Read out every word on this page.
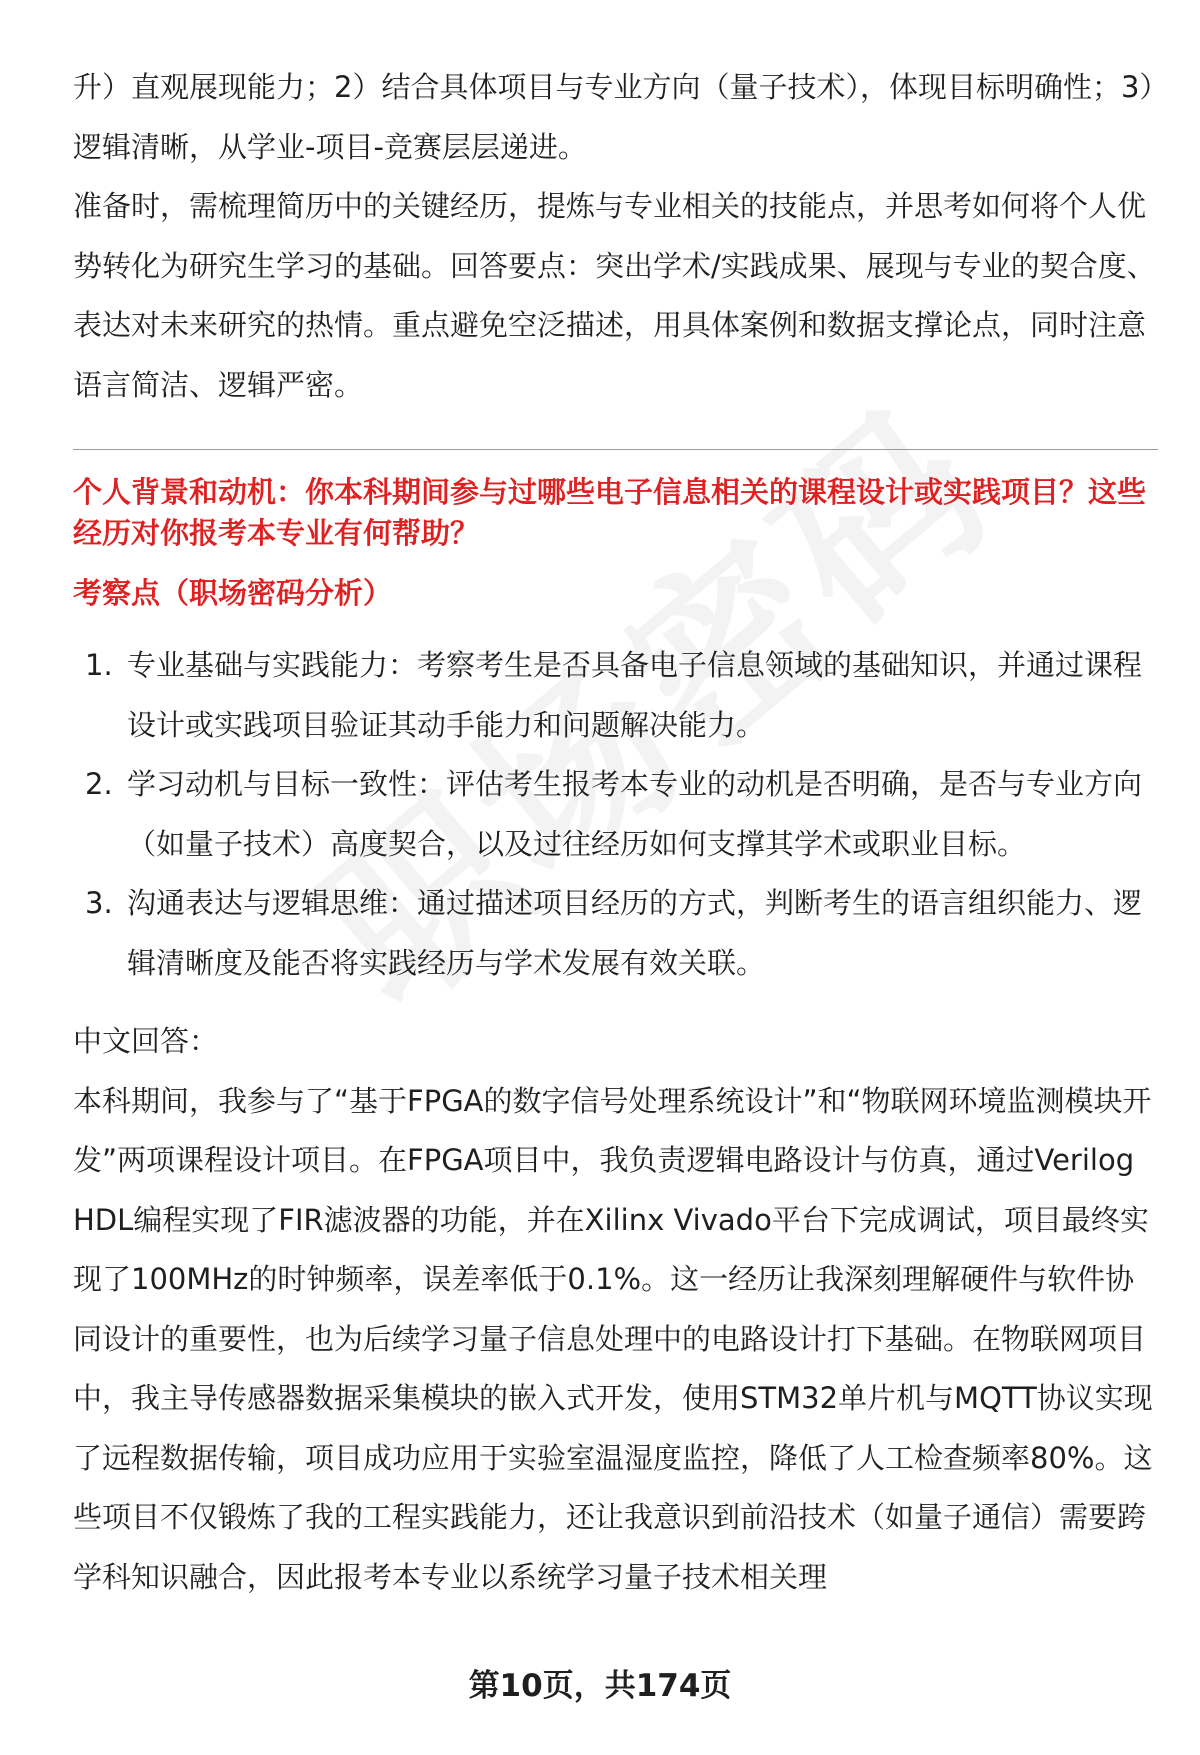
升）直观展现能力；2）结合具体项目与专业方向（量子技术），体现目标明确性；3）逻辑清晰，从学业-项目-竞赛层层递进。

准备时，需梳理简历中的关键经历，提炼与专业相关的技能点，并思考如何将个人优势转化为研究生学习的基础。回答要点：突出学术/实践成果、展现与专业的契合度、表达对未来研究的热情。重点避免空泛描述，用具体案例和数据支撑论点，同时注意语言简洁、逻辑严密。

个人背景和动机：你本科期间参与过哪些电子信息相关的课程设计或实践项目？这些经历对你报考本专业有何帮助？

考察点（职场密码分析）

1. 专业基础与实践能力：考察考生是否具备电子信息领域的基础知识，并通过课程设计或实践项目验证其动手能力和问题解决能力。
2. 学习动机与目标一致性：评估考生报考本专业的动机是否明确，是否与专业方向（如量子技术）高度契合，以及过往经历如何支撑其学术或职业目标。
3. 沟通表达与逻辑思维：通过描述项目经历的方式，判断考生的语言组织能力、逻辑清晰度及能否将实践经历与学术发展有效关联。

中文回答：

本科期间，我参与了“基于FPGA的数字信号处理系统设计”和“物联网环境监测模块开发”两项课程设计项目。在FPGA项目中，我负责逻辑电路设计与仿真，通过Verilog HDL编程实现了FIR滤波器的功能，并在Xilinx Vivado平台下完成调试，项目最终实现了100MHz的时钟频率，误差率低于0.1%。这一经历让我深刻理解硬件与软件协同设计的重要性，也为后续学习量子信息处理中的电路设计打下基础。在物联网项目中，我主导传感器数据采集模块的嵌入式开发，使用STM32单片机与MQTT协议实现了远程数据传输，项目成功应用于实验室温湿度监控，降低了人工检查频率80%。这些项目不仅锻炼了我的工程实践能力，还让我意识到前沿技术（如量子通信）需要跨学科知识融合，因此报考本专业以系统学习量子技术相关理

第10页，共174页
